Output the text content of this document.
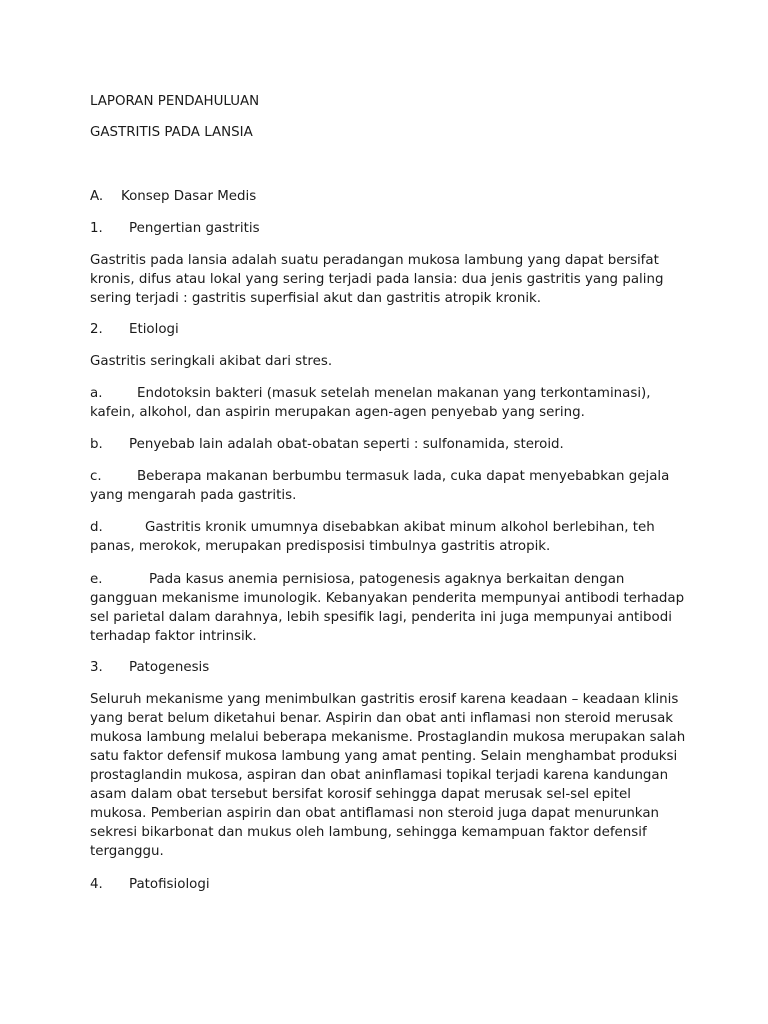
LAPORAN PENDAHULUAN

GASTRITIS PADA LANSIA

A. Konsep Dasar Medis

1. Pengertian gastritis

Gastritis pada lansia adalah suatu peradangan mukosa lambung yang dapat bersifat kronis, difus atau lokal yang sering terjadi pada lansia: dua jenis gastritis yang paling sering terjadi : gastritis superfisial akut dan gastritis atropik kronik.

2. Etiologi

Gastritis seringkali akibat dari stres.

a.	Endotoksin bakteri (masuk setelah menelan makanan yang terkontaminasi), kafein, alkohol, dan aspirin merupakan agen-agen penyebab yang sering.

b. Penyebab lain adalah obat-obatan seperti : sulfonamida, steroid.

c.	Beberapa makanan berbumbu termasuk lada, cuka dapat menyebabkan gejala yang mengarah pada gastritis.

d.	Gastritis kronik umumnya disebabkan akibat minum alkohol berlebihan, teh panas, merokok, merupakan predisposisi timbulnya gastritis atropik.

e.	Pada kasus anemia pernisiosa, patogenesis agaknya berkaitan dengan gangguan mekanisme imunologik. Kebanyakan penderita mempunyai antibodi terhadap sel parietal dalam darahnya, lebih spesifik lagi, penderita ini juga mempunyai antibodi terhadap faktor intrinsik.

3. Patogenesis

Seluruh mekanisme yang menimbulkan gastritis erosif karena keadaan – keadaan klinis yang berat belum diketahui benar. Aspirin dan obat anti inflamasi non steroid merusak mukosa lambung melalui beberapa mekanisme. Prostaglandin mukosa merupakan salah satu faktor defensif mukosa lambung yang amat penting. Selain menghambat produksi prostaglandin mukosa, aspiran dan obat aninflamasi topikal terjadi karena kandungan asam dalam obat tersebut bersifat korosif sehingga dapat merusak sel-sel epitel mukosa. Pemberian aspirin dan obat antiflamasi non steroid juga dapat menurunkan sekresi bikarbonat dan mukus oleh lambung, sehingga kemampuan faktor defensif terganggu.

4. Patofisiologi
